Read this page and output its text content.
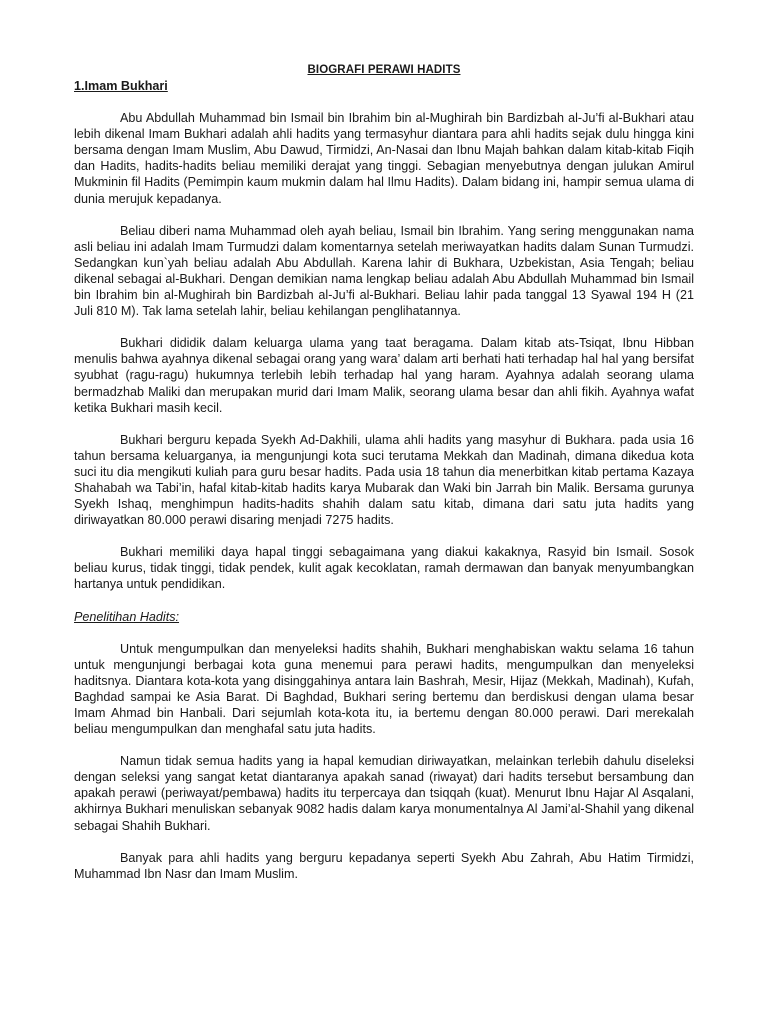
BIOGRAFI PERAWI HADITS

1.Imam Bukhari

Abu Abdullah Muhammad bin Ismail bin Ibrahim bin al-Mughirah bin Bardizbah al-Ju’fi al-Bukhari atau lebih dikenal Imam Bukhari adalah ahli hadits yang termasyhur diantara para ahli hadits sejak dulu hingga kini bersama dengan Imam Muslim, Abu Dawud, Tirmidzi, An-Nasai dan Ibnu Majah bahkan dalam kitab-kitab Fiqih dan Hadits, hadits-hadits beliau memiliki derajat yang tinggi. Sebagian menyebutnya dengan julukan Amirul Mukminin fil Hadits (Pemimpin kaum mukmin dalam hal Ilmu Hadits). Dalam bidang ini, hampir semua ulama di dunia merujuk kepadanya.

Beliau diberi nama Muhammad oleh ayah beliau, Ismail bin Ibrahim. Yang sering menggunakan nama asli beliau ini adalah Imam Turmudzi dalam komentarnya setelah meriwayatkan hadits dalam Sunan Turmudzi. Sedangkan kun`yah beliau adalah Abu Abdullah. Karena lahir di Bukhara, Uzbekistan, Asia Tengah; beliau dikenal sebagai al-Bukhari. Dengan demikian nama lengkap beliau adalah Abu Abdullah Muhammad bin Ismail bin Ibrahim bin al-Mughirah bin Bardizbah al-Ju’fi al-Bukhari. Beliau lahir pada tanggal 13 Syawal 194 H (21 Juli 810 M). Tak lama setelah lahir, beliau kehilangan penglihatannya.

Bukhari dididik dalam keluarga ulama yang taat beragama. Dalam kitab ats-Tsiqat, Ibnu Hibban menulis bahwa ayahnya dikenal sebagai orang yang wara’ dalam arti berhati hati terhadap hal hal yang bersifat syubhat (ragu-ragu) hukumnya terlebih lebih terhadap hal yang haram. Ayahnya adalah seorang ulama bermadzhab Maliki dan merupakan murid dari Imam Malik, seorang ulama besar dan ahli fikih. Ayahnya wafat ketika Bukhari masih kecil.

Bukhari berguru kepada Syekh Ad-Dakhili, ulama ahli hadits yang masyhur di Bukhara. pada usia 16 tahun bersama keluarganya, ia mengunjungi kota suci terutama Mekkah dan Madinah, dimana dikedua kota suci itu dia mengikuti kuliah para guru besar hadits. Pada usia 18 tahun dia menerbitkan kitab pertama Kazaya Shahabah wa Tabi’in, hafal kitab-kitab hadits karya Mubarak dan Waki bin Jarrah bin Malik. Bersama gurunya Syekh Ishaq, menghimpun hadits-hadits shahih dalam satu kitab, dimana dari satu juta hadits yang diriwayatkan 80.000 perawi disaring menjadi 7275 hadits.

Bukhari memiliki daya hapal tinggi sebagaimana yang diakui kakaknya, Rasyid bin Ismail. Sosok beliau kurus, tidak tinggi, tidak pendek, kulit agak kecoklatan, ramah dermawan dan banyak menyumbangkan hartanya untuk pendidikan.

Penelitihan Hadits:

Untuk mengumpulkan dan menyeleksi hadits shahih, Bukhari menghabiskan waktu selama 16 tahun untuk mengunjungi berbagai kota guna menemui para perawi hadits, mengumpulkan dan menyeleksi haditsnya. Diantara kota-kota yang disinggahinya antara lain Bashrah, Mesir, Hijaz (Mekkah, Madinah), Kufah, Baghdad sampai ke Asia Barat. Di Baghdad, Bukhari sering bertemu dan berdiskusi dengan ulama besar Imam Ahmad bin Hanbali. Dari sejumlah kota-kota itu, ia bertemu dengan 80.000 perawi. Dari merekalah beliau mengumpulkan dan menghafal satu juta hadits.

Namun tidak semua hadits yang ia hapal kemudian diriwayatkan, melainkan terlebih dahulu diseleksi dengan seleksi yang sangat ketat diantaranya apakah sanad (riwayat) dari hadits tersebut bersambung dan apakah perawi (periwayat/pembawa) hadits itu terpercaya dan tsiqqah (kuat). Menurut Ibnu Hajar Al Asqalani, akhirnya Bukhari menuliskan sebanyak 9082 hadis dalam karya monumentalnya Al Jami’al-Shahil yang dikenal sebagai Shahih Bukhari.

Banyak para ahli hadits yang berguru kepadanya seperti Syekh Abu Zahrah, Abu Hatim Tirmidzi, Muhammad Ibn Nasr dan Imam Muslim.
